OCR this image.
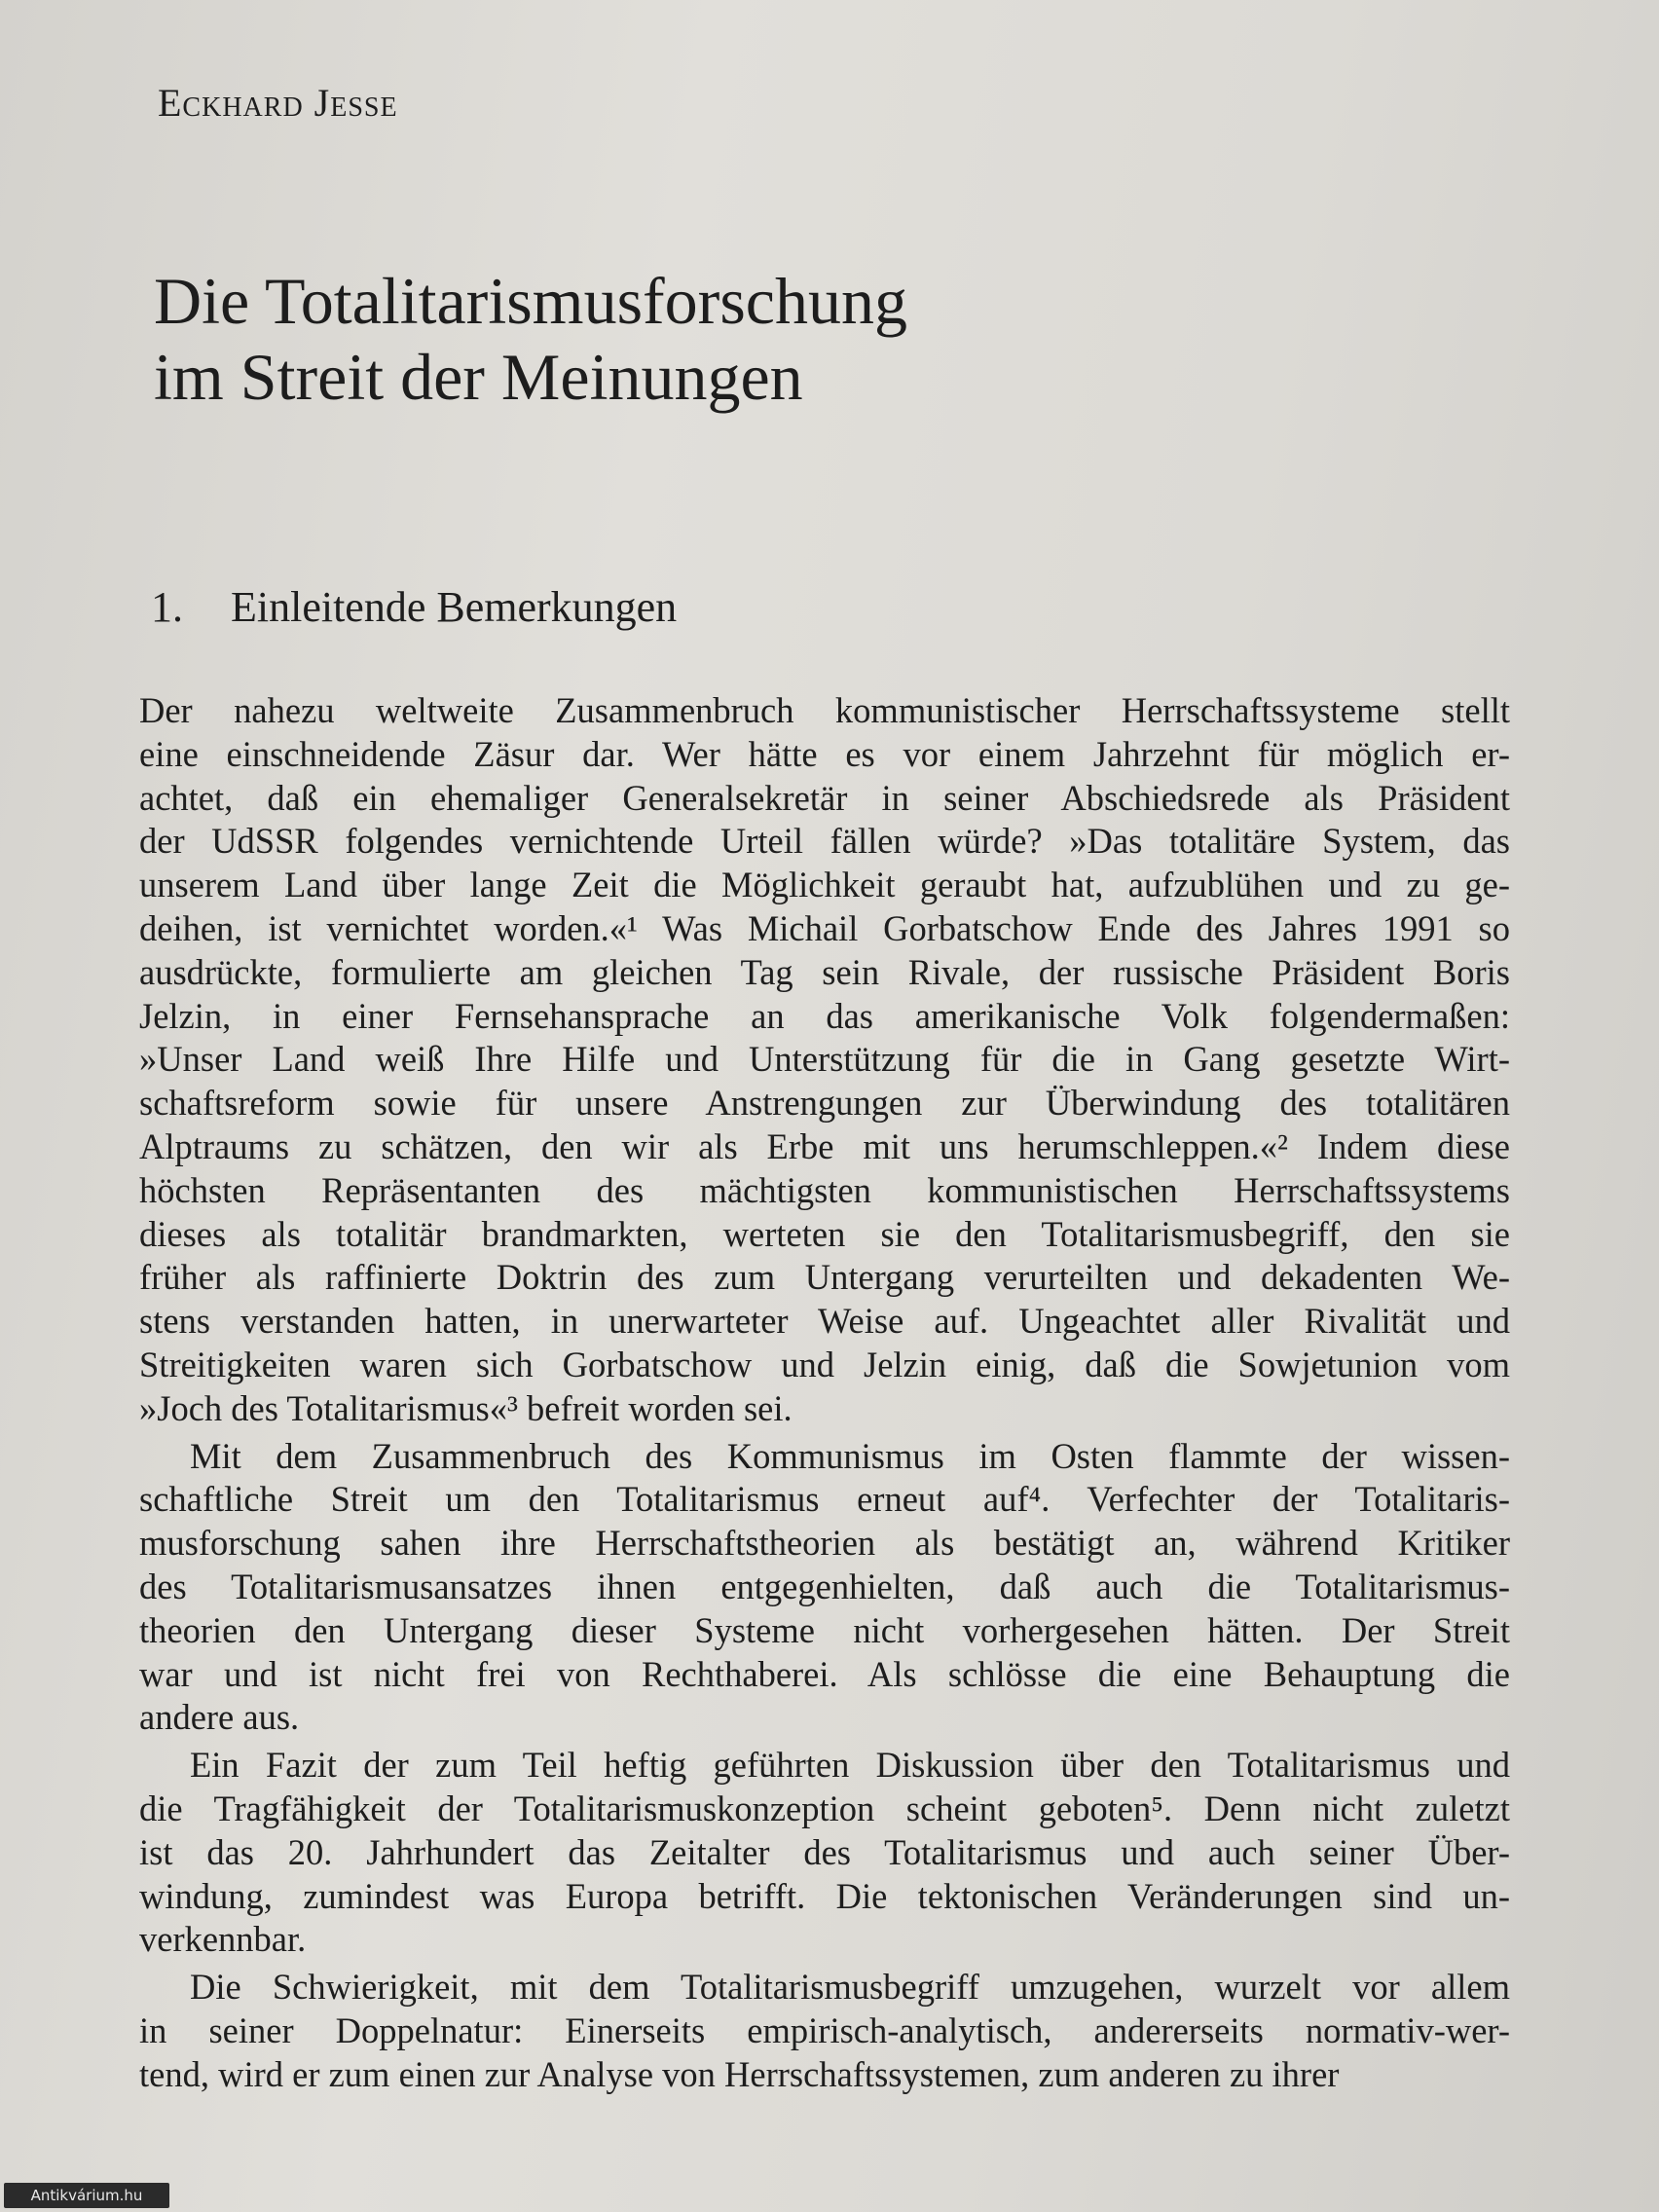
Eckhard Jesse
Die Totalitarismusforschung
im Streit der Meinungen
1. Einleitende Bemerkungen
Der nahezu weltweite Zusammenbruch kommunistischer Herrschaftssysteme stellt
eine einschneidende Zäsur dar. Wer hätte es vor einem Jahrzehnt für möglich er-
achtet, daß ein ehemaliger Generalsekretär in seiner Abschiedsrede als Präsident
der UdSSR folgendes vernichtende Urteil fällen würde? »Das totalitäre System, das
unserem Land über lange Zeit die Möglichkeit geraubt hat, aufzublühen und zu ge-
deihen, ist vernichtet worden.«¹ Was Michail Gorbatschow Ende des Jahres 1991 so
ausdrückte, formulierte am gleichen Tag sein Rivale, der russische Präsident Boris
Jelzin, in einer Fernsehansprache an das amerikanische Volk folgendermaßen:
»Unser Land weiß Ihre Hilfe und Unterstützung für die in Gang gesetzte Wirt-
schaftsreform sowie für unsere Anstrengungen zur Überwindung des totalitären
Alptraums zu schätzen, den wir als Erbe mit uns herumschleppen.«² Indem diese
höchsten Repräsentanten des mächtigsten kommunistischen Herrschaftssystems
dieses als totalitär brandmarkten, werteten sie den Totalitarismusbegriff, den sie
früher als raffinierte Doktrin des zum Untergang verurteilten und dekadenten We-
stens verstanden hatten, in unerwarteter Weise auf. Ungeachtet aller Rivalität und
Streitigkeiten waren sich Gorbatschow und Jelzin einig, daß die Sowjetunion vom
»Joch des Totalitarismus«³ befreit worden sei.
Mit dem Zusammenbruch des Kommunismus im Osten flammte der wissen-
schaftliche Streit um den Totalitarismus erneut auf⁴. Verfechter der Totalitaris-
musforschung sahen ihre Herrschaftstheorien als bestätigt an, während Kritiker
des Totalitarismusansatzes ihnen entgegenhielten, daß auch die Totalitarismus-
theorien den Untergang dieser Systeme nicht vorhergesehen hätten. Der Streit
war und ist nicht frei von Rechthaberei. Als schlösse die eine Behauptung die
andere aus.
Ein Fazit der zum Teil heftig geführten Diskussion über den Totalitarismus und
die Tragfähigkeit der Totalitarismuskonzeption scheint geboten⁵. Denn nicht zuletzt
ist das 20. Jahrhundert das Zeitalter des Totalitarismus und auch seiner Über-
windung, zumindest was Europa betrifft. Die tektonischen Veränderungen sind un-
verkennbar.
Die Schwierigkeit, mit dem Totalitarismusbegriff umzugehen, wurzelt vor allem
in seiner Doppelnatur: Einerseits empirisch-analytisch, andererseits normativ-wer-
tend, wird er zum einen zur Analyse von Herrschaftssystemen, zum anderen zu ihrer
Antikvárium.hu
